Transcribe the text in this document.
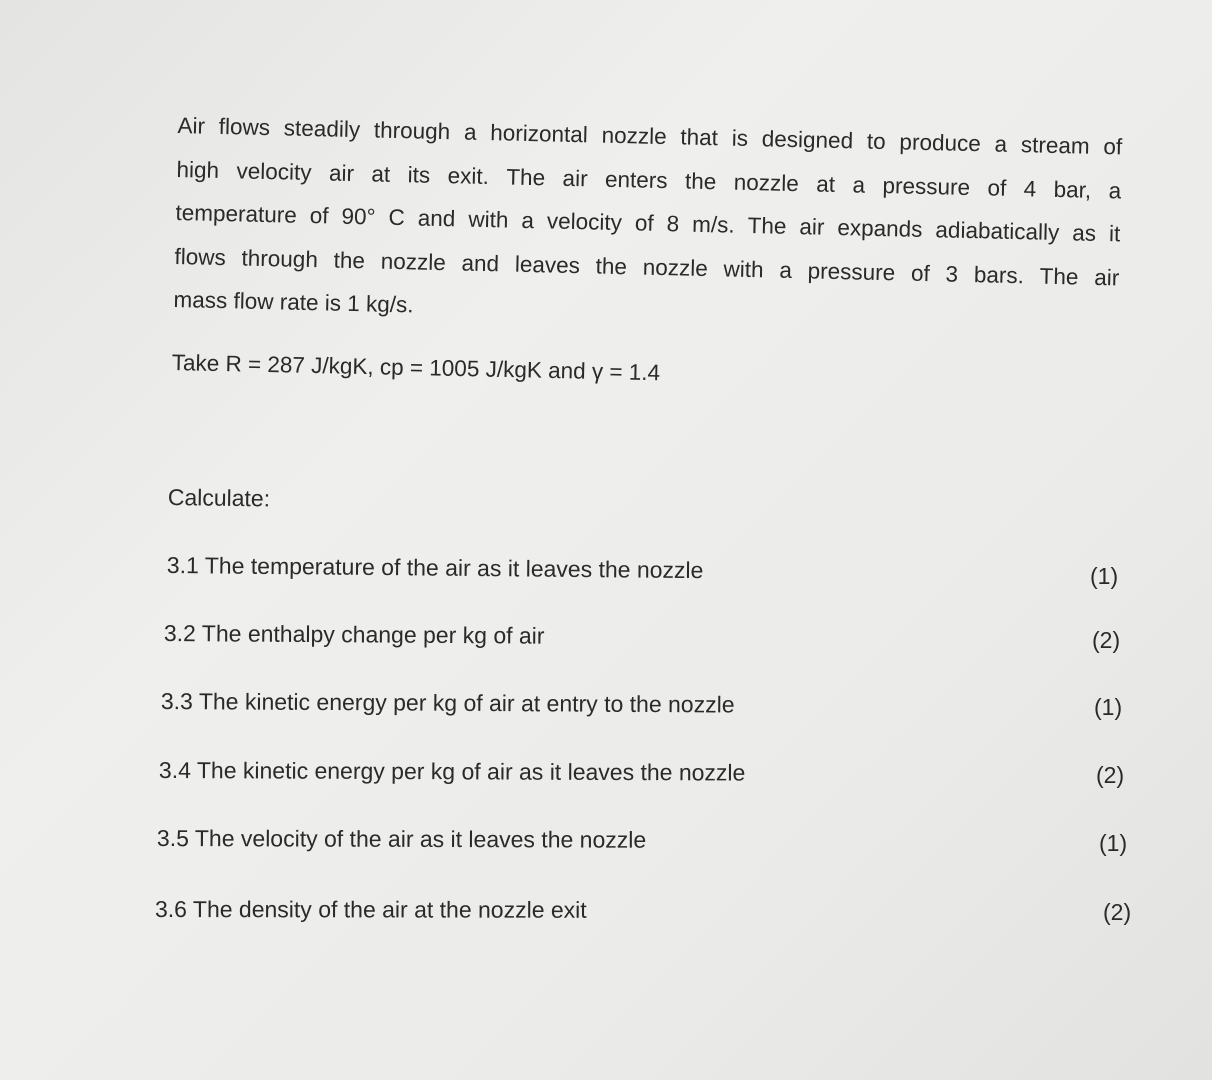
Air flows steadily through a horizontal nozzle that is designed to produce a stream of
high velocity air at its exit. The air enters the nozzle at a pressure of 4 bar, a
temperature of 90° C and with a velocity of 8 m/s. The air expands adiabatically as it
flows through the nozzle and leaves the nozzle with a pressure of 3 bars. The air
mass flow rate is 1 kg/s.
Take R = 287 J/kgK, cp = 1005 J/kgK and γ = 1.4
Calculate:
3.1 The temperature of the air as it leaves the nozzle	(1)
3.2 The enthalpy change per kg of air	(2)
3.3 The kinetic energy per kg of air at entry to the nozzle	(1)
3.4 The kinetic energy per kg of air as it leaves the nozzle	(2)
3.5 The velocity of the air as it leaves the nozzle	(1)
3.6 The density of the air at the nozzle exit	(2)
